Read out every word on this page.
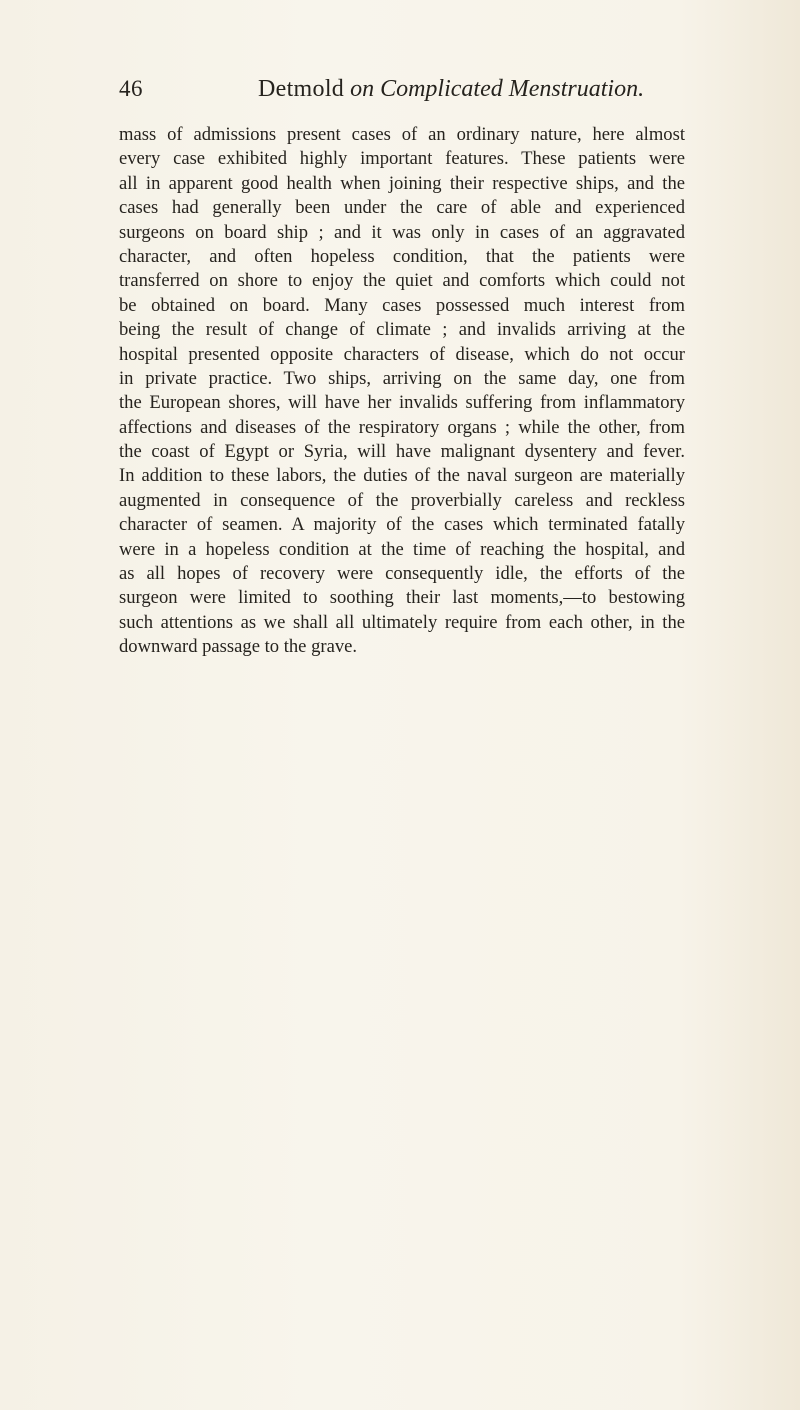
46	Detmold on Complicated Menstruation.
mass of admissions present cases of an ordinary nature, here almost
every case exhibited highly important features. These patients were
all in apparent good health when joining their respective ships, and the
cases had generally been under the care of able and experienced
surgeons on board ship ; and it was only in cases of an aggravated
character, and often hopeless condition, that the patients were
transferred on shore to enjoy the quiet and comforts which could not
be obtained on board. Many cases possessed much interest from
being the result of change of climate ; and invalids arriving at the
hospital presented opposite characters of disease, which do not occur
in private practice. Two ships, arriving on the same day, one from
the European shores, will have her invalids suffering from inflammatory
affections and diseases of the respiratory organs ; while the other, from
the coast of Egypt or Syria, will have malignant dysentery and fever.
In addition to these labors, the duties of the naval surgeon are materially
augmented in consequence of the proverbially careless and reckless
character of seamen. A majority of the cases which terminated fatally
were in a hopeless condition at the time of reaching the hospital, and
as all hopes of recovery were consequently idle, the efforts of the
surgeon were limited to soothing their last moments,—to bestowing
such attentions as we shall all ultimately require from each other, in the
downward passage to the grave.
